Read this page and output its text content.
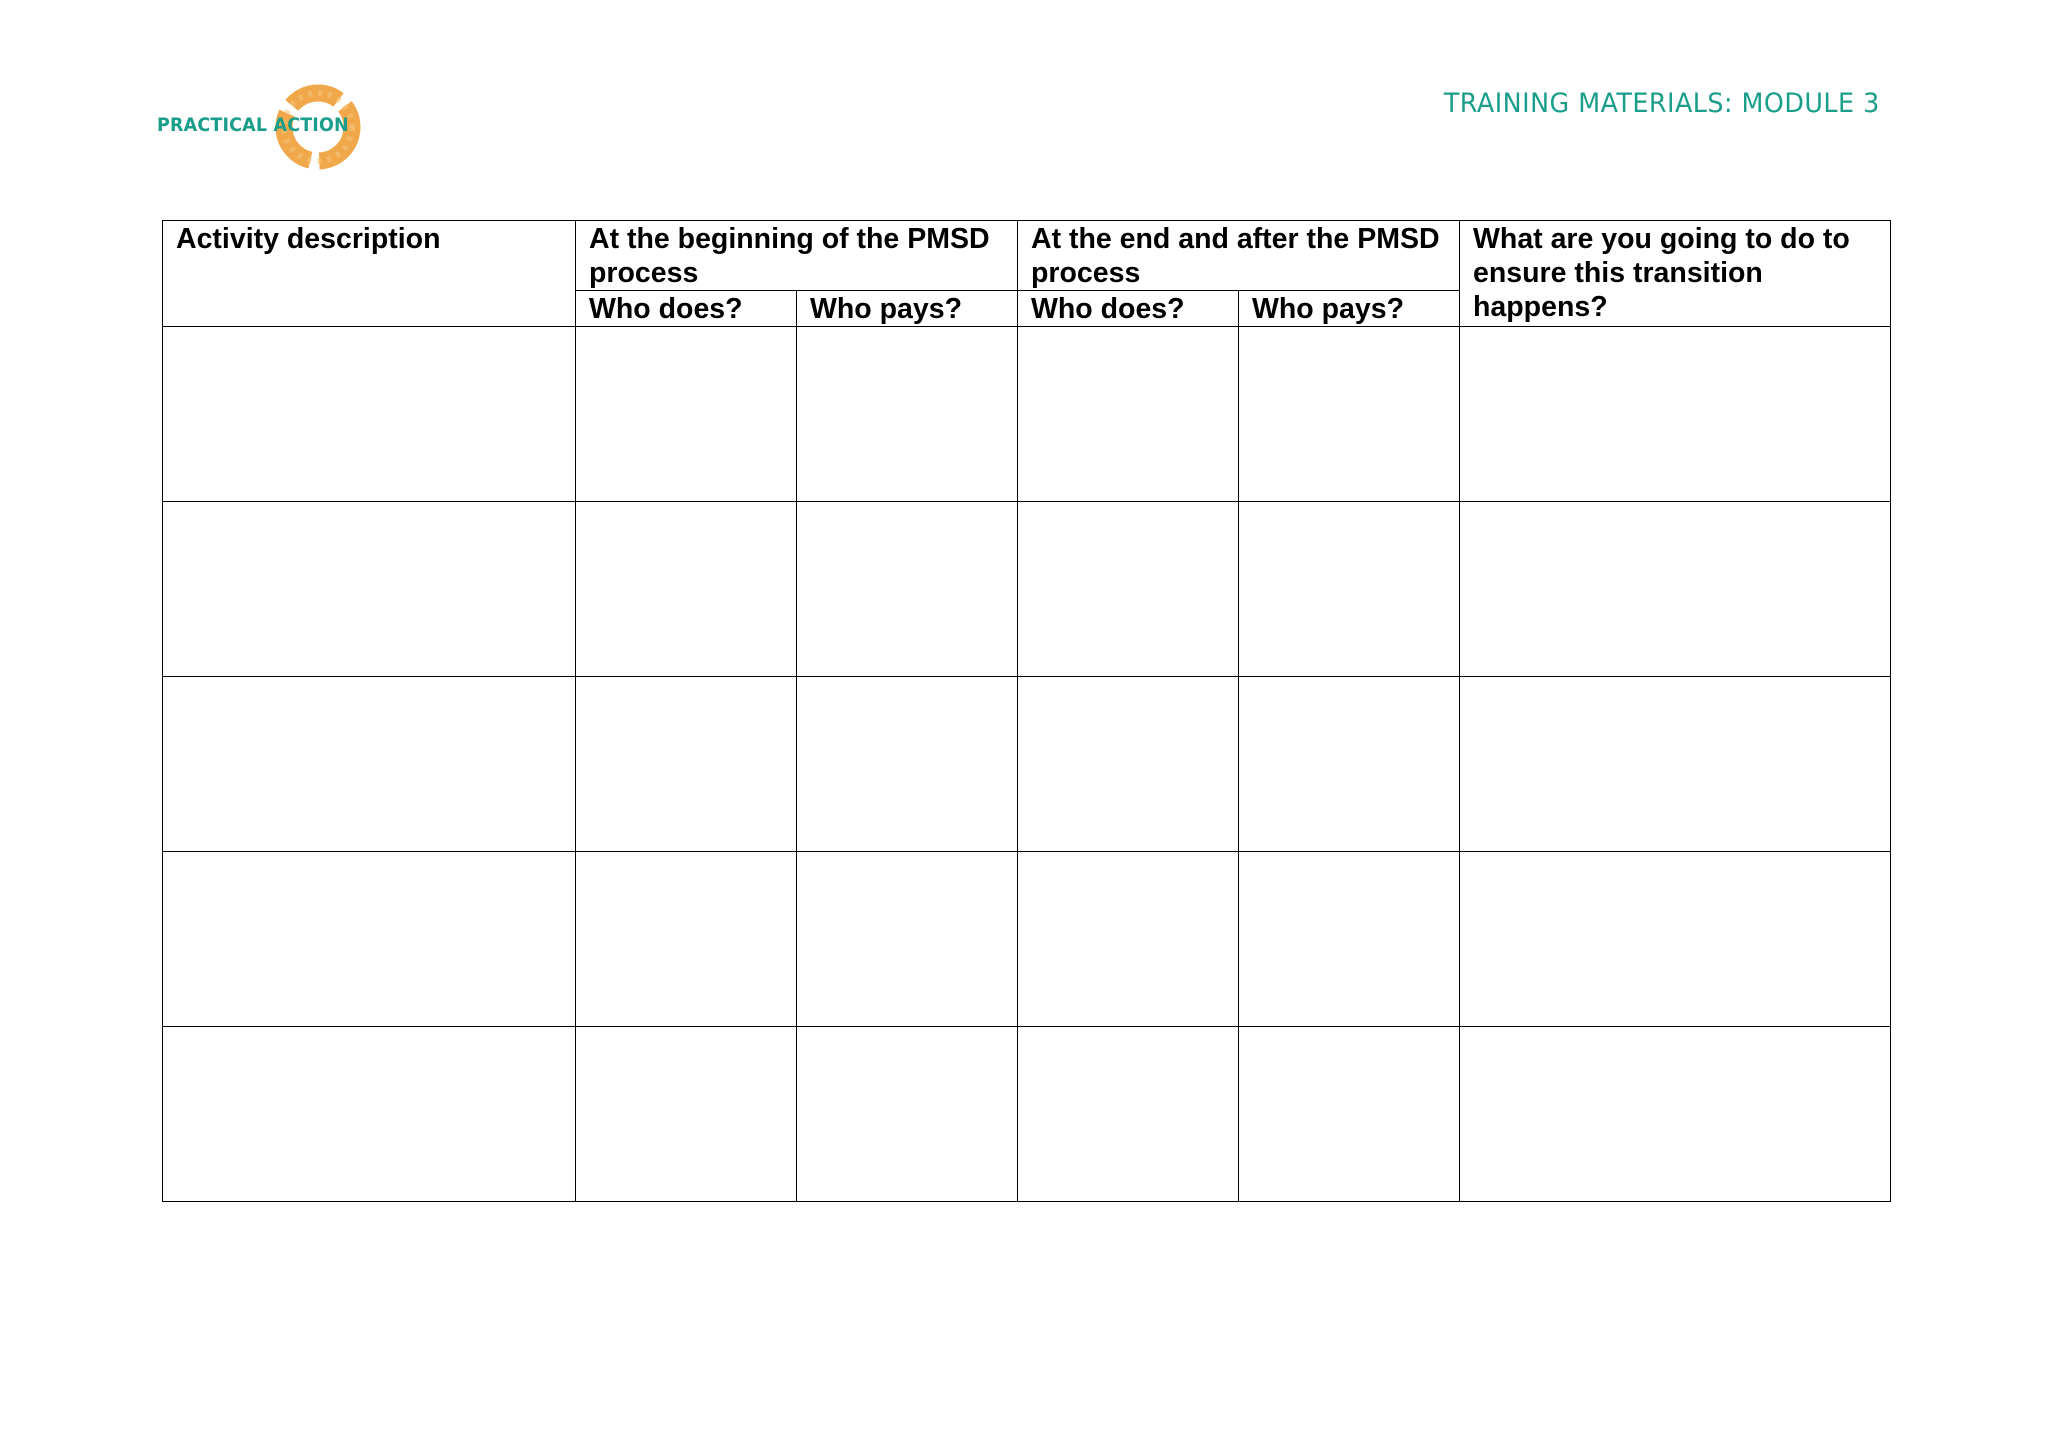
PRACTICAL ACTION
TRAINING MATERIALS: MODULE 3
Activity description	At the beginning of the PMSD process		At the end and after the PMSD process		What are you going to do to ensure this transition happens?

	Who does?	Who pays?	Who does?	Who pays?	
